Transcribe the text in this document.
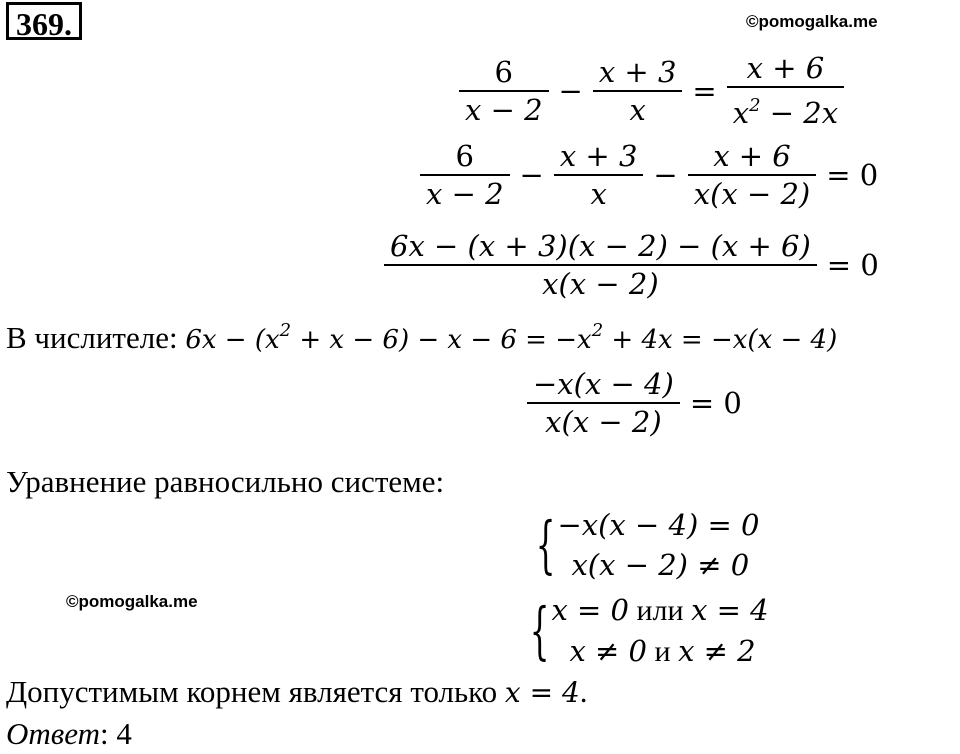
369.	©pomogalka.me
$\frac{6}{x - 2} - \frac{x + 3}{x} = \frac{x + 6}{x^2 - 2x}$
$\frac{6}{x - 2} - \frac{x + 3}{x} - \frac{x + 6}{x(x - 2)} = 0$
$\frac{6x - (x + 3)(x - 2) - (x + 6)}{x(x - 2)} = 0$
В числителе: $6x - (x^2 + x - 6) - x - 6 = -x^2 + 4x = -x(x - 4)$
$\frac{-x(x - 4)}{x(x - 2)} = 0$
Уравнение равносильно системе:
{ −x(x − 4) = 0
x(x − 2) ≠ 0
©pomogalka.me	{ x = 0 или x = 4
x ≠ 0 и x ≠ 2
Допустимым корнем является только x = 4.
Ответ: 4
